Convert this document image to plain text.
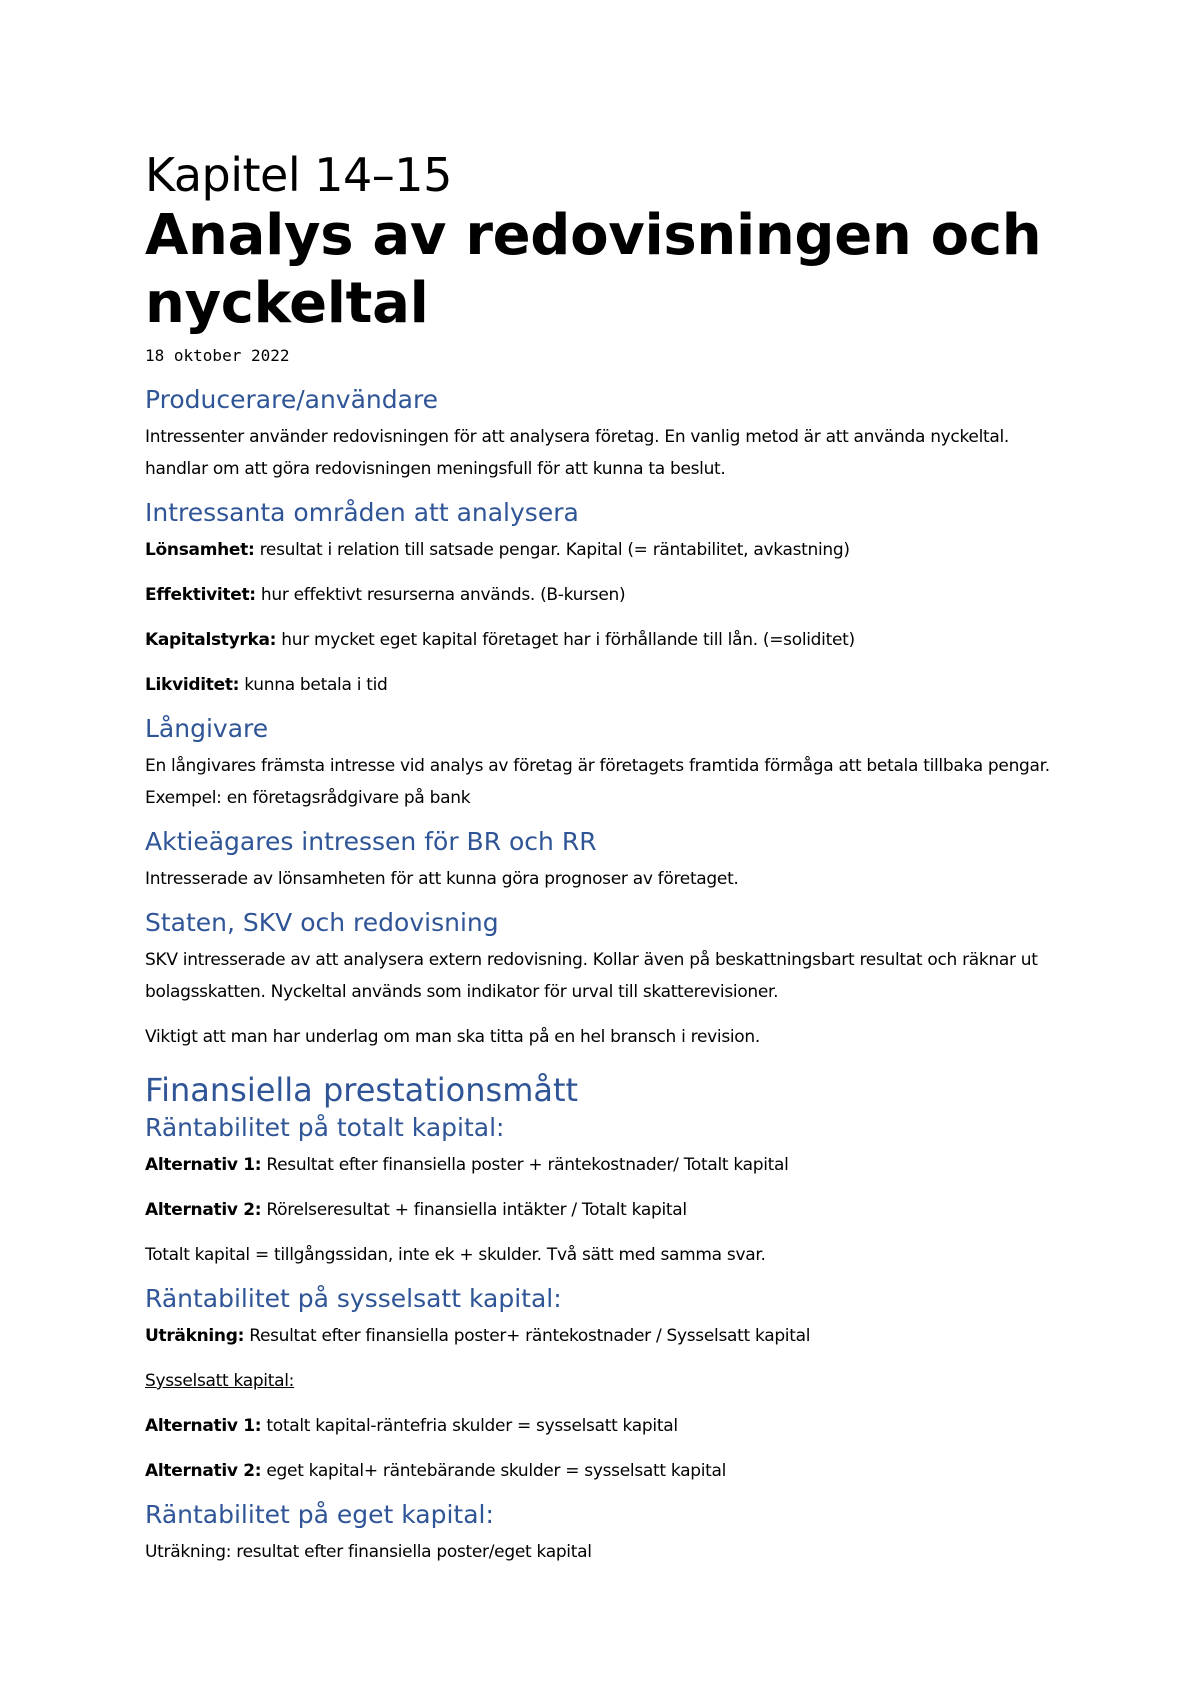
Kapitel 14–15
Analys av redovisningen och nyckeltal
18 oktober 2022
Producerare/användare

Intressenter använder redovisningen för att analysera företag. En vanlig metod är att använda nyckeltal. handlar om att göra redovisningen meningsfull för att kunna ta beslut.

Intressanta områden att analysera

Lönsamhet: resultat i relation till satsade pengar. Kapital (= räntabilitet, avkastning)

Effektivitet: hur effektivt resurserna används. (B-kursen)

Kapitalstyrka: hur mycket eget kapital företaget har i förhållande till lån. (=soliditet)

Likviditet: kunna betala i tid

Långivare

En långivares främsta intresse vid analys av företag är företagets framtida förmåga att betala tillbaka pengar. Exempel: en företagsrådgivare på bank

Aktieägares intressen för BR och RR

Intresserade av lönsamheten för att kunna göra prognoser av företaget.

Staten, SKV och redovisning

SKV intresserade av att analysera extern redovisning. Kollar även på beskattningsbart resultat och räknar ut bolagsskatten. Nyckeltal används som indikator för urval till skatterevisioner.

Viktigt att man har underlag om man ska titta på en hel bransch i revision.

Finansiella prestationsmått
Räntabilitet på totalt kapital:

Alternativ 1: Resultat efter finansiella poster + räntekostnader/ Totalt kapital

Alternativ 2: Rörelseresultat + finansiella intäkter / Totalt kapital

Totalt kapital = tillgångssidan, inte ek + skulder. Två sätt med samma svar.

Räntabilitet på sysselsatt kapital:

Uträkning: Resultat efter finansiella poster+ räntekostnader / Sysselsatt kapital

Sysselsatt kapital:

Alternativ 1: totalt kapital-räntefria skulder = sysselsatt kapital

Alternativ 2: eget kapital+ räntebärande skulder = sysselsatt kapital

Räntabilitet på eget kapital:

Uträkning: resultat efter finansiella poster/eget kapital
